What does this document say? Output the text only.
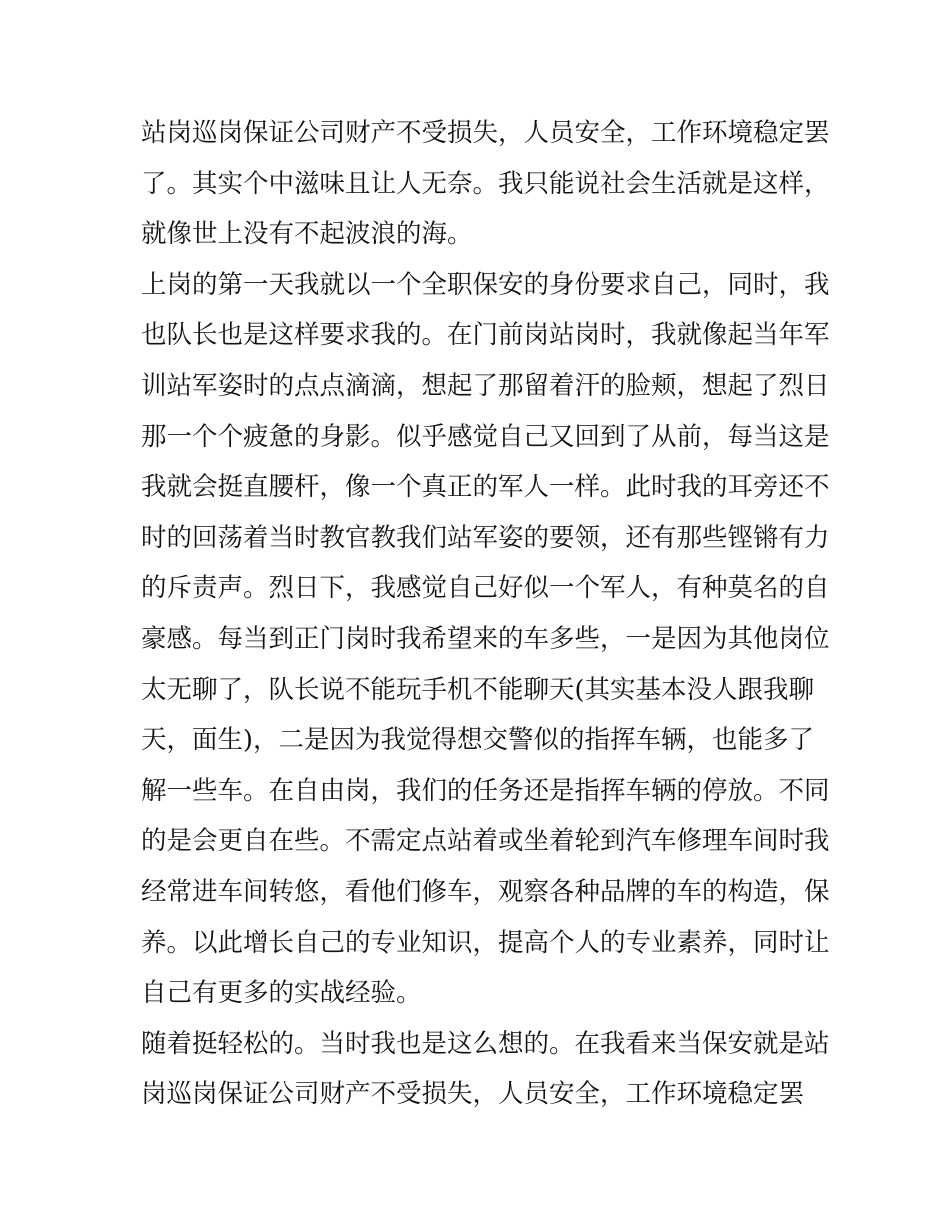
站岗巡岗保证公司财产不受损失，人员安全，工作环境稳定罢
了。其实个中滋味且让人无奈。我只能说社会生活就是这样，
就像世上没有不起波浪的海。
上岗的第一天我就以一个全职保安的身份要求自己，同时，我
也队长也是这样要求我的。在门前岗站岗时，我就像起当年军
训站军姿时的点点滴滴，想起了那留着汗的脸颊，想起了烈日
那一个个疲惫的身影。似乎感觉自己又回到了从前，每当这是
我就会挺直腰杆，像一个真正的军人一样。此时我的耳旁还不
时的回荡着当时教官教我们站军姿的要领，还有那些铿锵有力
的斥责声。烈日下，我感觉自己好似一个军人，有种莫名的自
豪感。每当到正门岗时我希望来的车多些，一是因为其他岗位
太无聊了，队长说不能玩手机不能聊天(其实基本没人跟我聊
天，面生)，二是因为我觉得想交警似的指挥车辆，也能多了
解一些车。在自由岗，我们的任务还是指挥车辆的停放。不同
的是会更自在些。不需定点站着或坐着轮到汽车修理车间时我
经常进车间转悠，看他们修车，观察各种品牌的车的构造，保
养。以此增长自己的专业知识，提高个人的专业素养，同时让
自己有更多的实战经验。
随着挺轻松的。当时我也是这么想的。在我看来当保安就是站
岗巡岗保证公司财产不受损失，人员安全，工作环境稳定罢
